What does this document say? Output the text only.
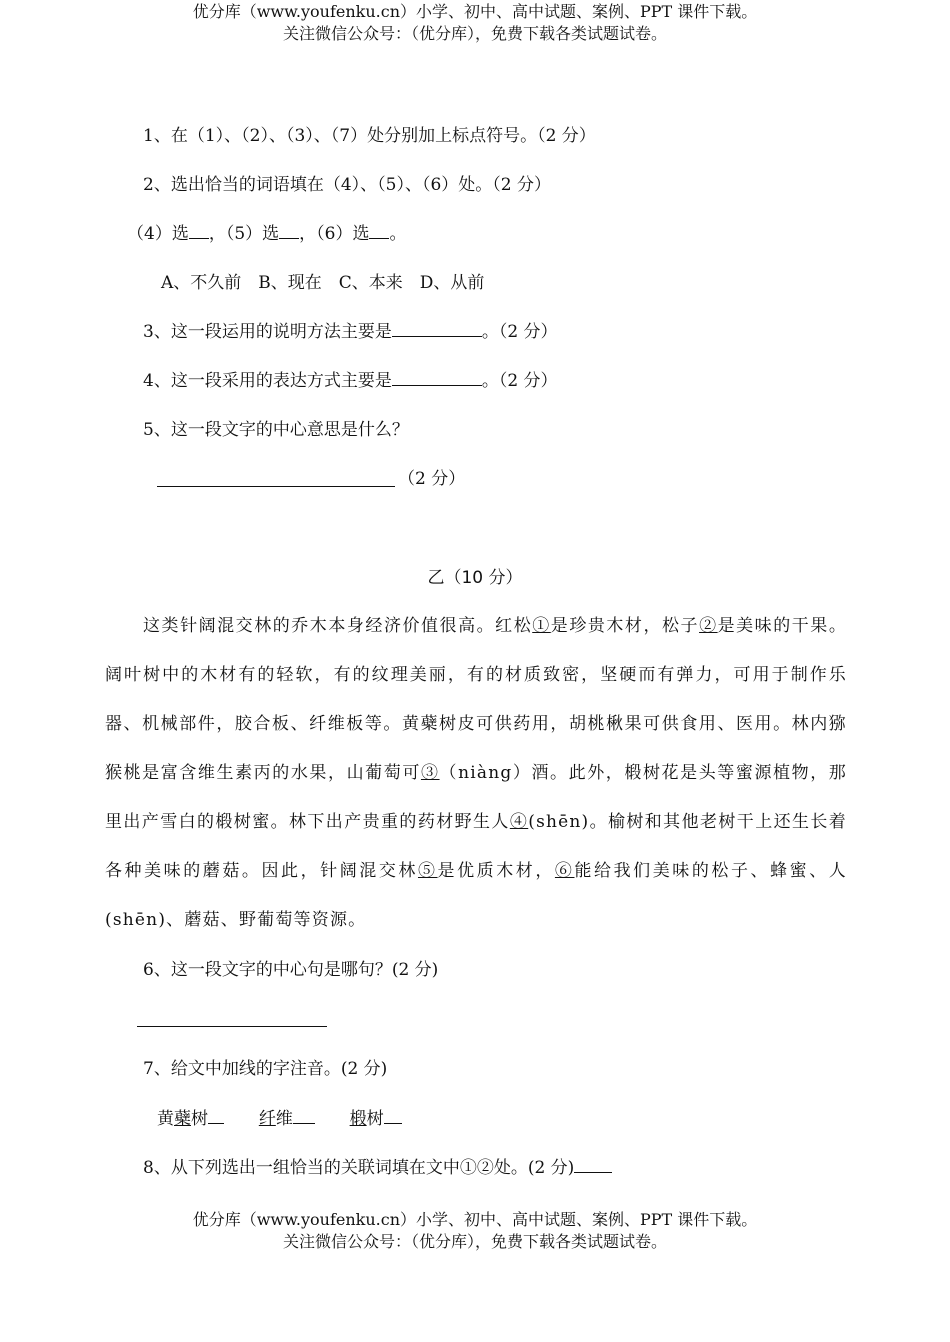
优分库（www.youfenku.cn）小学、初中、高中试题、案例、PPT 课件下载。
关注微信公众号：（优分库），免费下载各类试题试卷。
1、在（1）、（2）、（3）、（7）处分别加上标点符号。（2 分）
2、选出恰当的词语填在（4）、（5）、（6）处。（2 分）
（4）选 ，（5）选 ，（6）选 。
A、不久前　B、现在　C、本来　D、从前
3、这一段运用的说明方法主要是	。（2 分）
4、这一段采用的表达方式主要是	。（2 分）
5、这一段文字的中心意思是什么？
（2 分）
乙（10 分）

这类针阔混交林的乔木本身经济价值很高。红松①是珍贵木材，松子②是美味的干果。阔叶树中的木材有的轻软，有的纹理美丽，有的材质致密，坚硬而有弹力，可用于制作乐器、机械部件，胶合板、纤维板等。黄蘗树皮可供药用，胡桃楸果可供食用、医用。林内猕猴桃是富含维生素丙的水果，山葡萄可③（niàng）酒。此外，椴树花是头等蜜源植物，那里出产雪白的椴树蜜。林下出产贵重的药材野生人④(shēn)。榆树和其他老树干上还生长着各种美味的蘑菇。因此，针阔混交林⑤是优质木材，⑥能给我们美味的松子、蜂蜜、人(shēn)、蘑菇、野葡萄等资源。

6、这一段文字的中心句是哪句？(2 分)
7、给文中加线的字注音。(2 分)
黄蘗树	纤维	椴树
8、从下列选出一组恰当的关联词填在文中①②处。(2 分)
优分库（www.youfenku.cn）小学、初中、高中试题、案例、PPT 课件下载。
关注微信公众号：（优分库），免费下载各类试题试卷。
